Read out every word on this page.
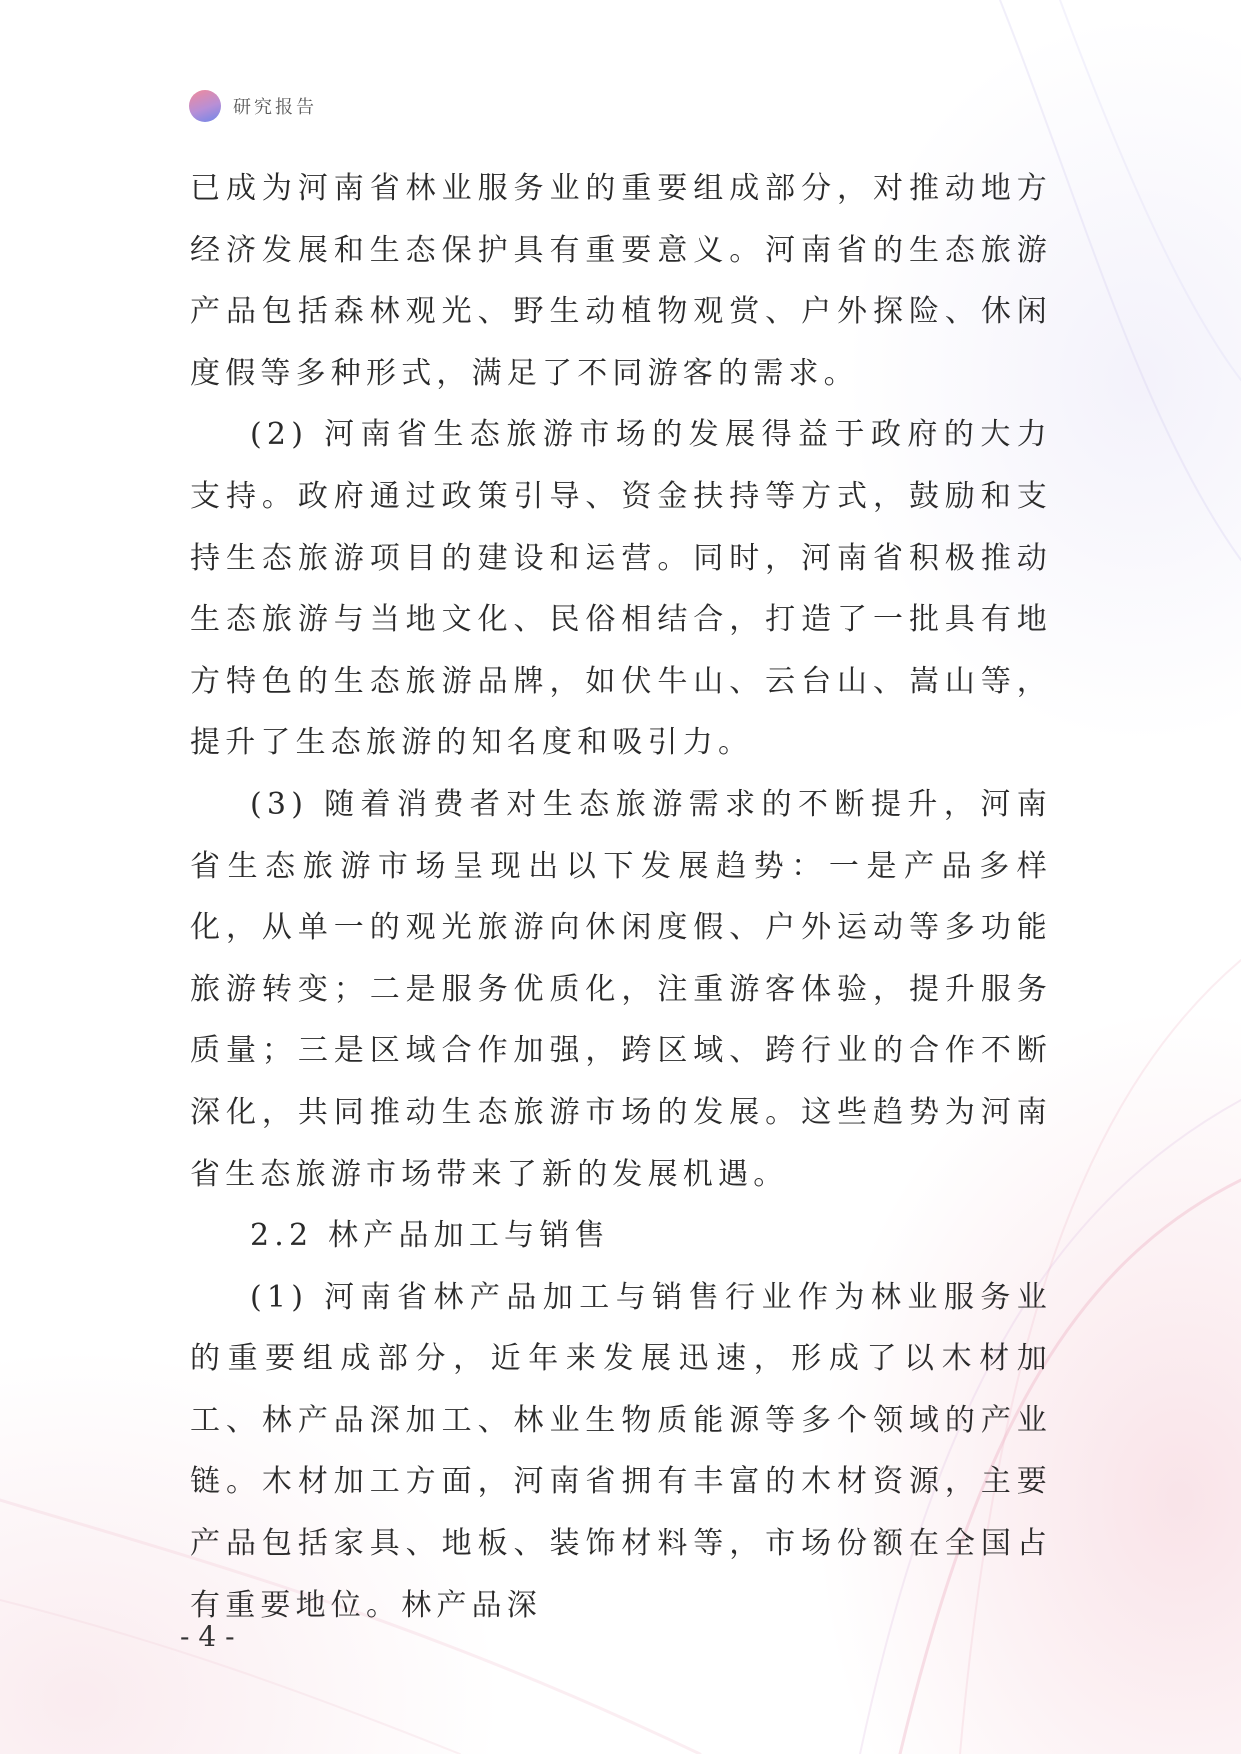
研究报告

已成为河南省林业服务业的重要组成部分，对推动地方经济发展和生态保护具有重要意义。河南省的生态旅游产品包括森林观光、野生动植物观赏、户外探险、休闲度假等多种形式，满足了不同游客的需求。

(2) 河南省生态旅游市场的发展得益于政府的大力支持。政府通过政策引导、资金扶持等方式，鼓励和支持生态旅游项目的建设和运营。同时，河南省积极推动生态旅游与当地文化、民俗相结合，打造了一批具有地方特色的生态旅游品牌，如伏牛山、云台山、嵩山等，提升了生态旅游的知名度和吸引力。

(3) 随着消费者对生态旅游需求的不断提升，河南省生态旅游市场呈现出以下发展趋势：一是产品多样化，从单一的观光旅游向休闲度假、户外运动等多功能旅游转变；二是服务优质化，注重游客体验，提升服务质量；三是区域合作加强，跨区域、跨行业的合作不断深化，共同推动生态旅游市场的发展。这些趋势为河南省生态旅游市场带来了新的发展机遇。

2.2 林产品加工与销售

(1) 河南省林产品加工与销售行业作为林业服务业的重要组成部分，近年来发展迅速，形成了以木材加工、林产品深加工、林业生物质能源等多个领域的产业链。木材加工方面，河南省拥有丰富的木材资源，主要产品包括家具、地板、装饰材料等，市场份额在全国占有重要地位。林产品深

- 4 -
